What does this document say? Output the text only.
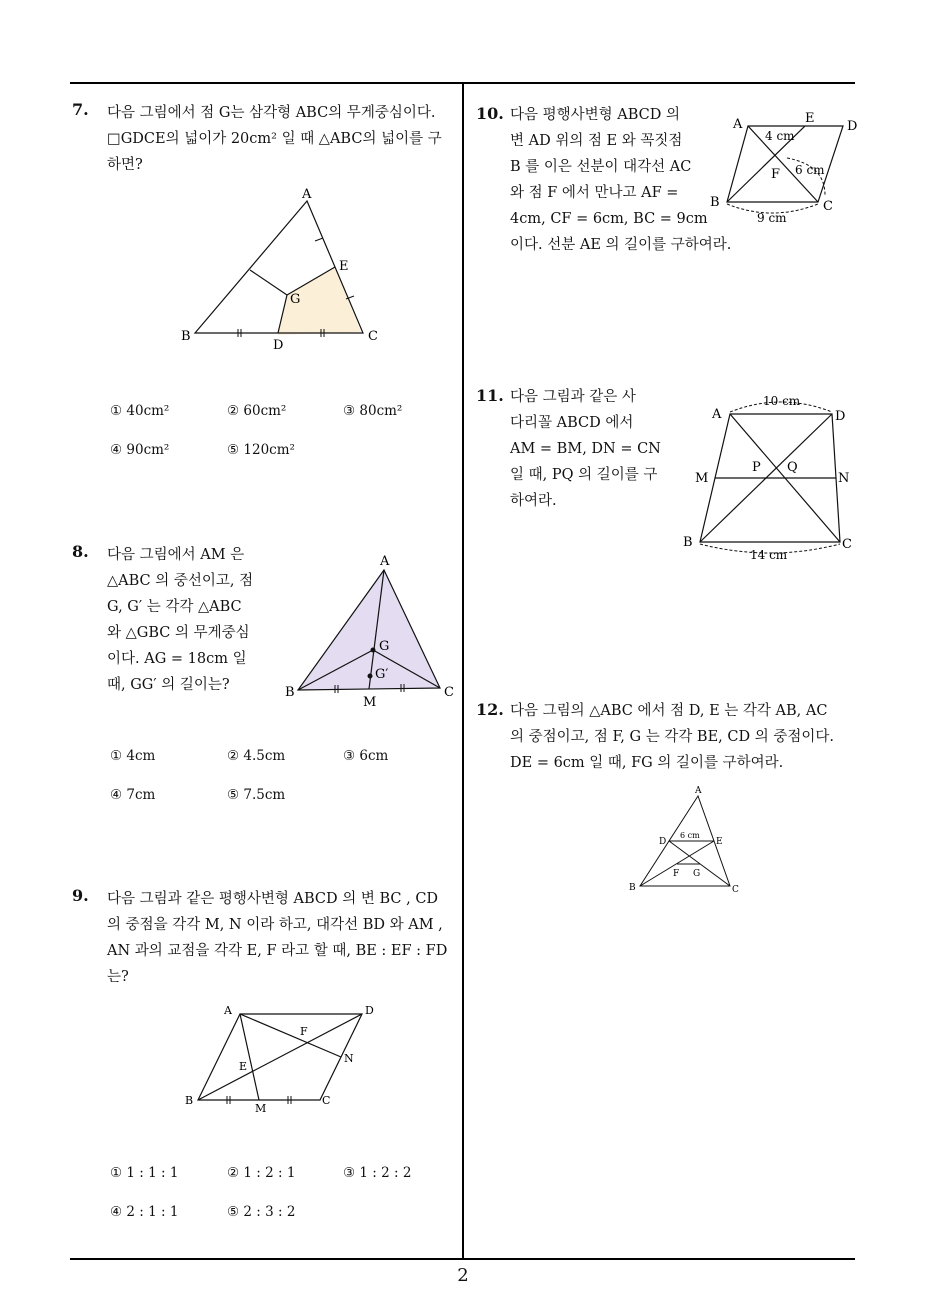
7. 다음 그림에서 점 G는 삼각형 ABC의 무게중심이다.
□GDCE의 넓이가 20cm² 일 때 △ABC의 넓이를 구
하면?
A
B	C
D
E
G
① 40cm²	② 60cm²	③ 80cm²
④ 90cm²	⑤ 120cm²
8. 다음 그림에서 AM 은
△ABC 의 중선이고, 점
G, G′ 는 각각 △ABC
와 △GBC 의 무게중심
이다. AG = 18cm 일
때, GG′ 의 길이는?
A
B	C
M
G
G′
① 4cm	② 4.5cm	③ 6cm
④ 7cm	⑤ 7.5cm
9. 다음 그림과 같은 평행사변형 ABCD 의 변 BC , CD
의 중점을 각각 M, N 이라 하고, 대각선 BD 와 AM ,
AN 과의 교점을 각각 E, F 라고 할 때, BE : EF : FD
는?
A
B	C
D
E
F
M
N
① 1 : 1 : 1	② 1 : 2 : 1	③ 1 : 2 : 2
④ 2 : 1 : 1	⑤ 2 : 3 : 2
10. 다음 평행사변형 ABCD 의
변 AD 위의 점 E 와 꼭짓점
B 를 이은 선분이 대각선 AC
와 점 F 에서 만나고 AF =
4cm, CF = 6cm, BC = 9cm
이다. 선분 AE 의 길이를 구하여라.
A
B	C
D
E
F
4 cm
6 cm
9 cm
11. 다음 그림과 같은 사
다리꼴 ABCD 에서
AM = BM, DN = CN
일 때, PQ 의 길이를 구
하여라.
10 cm
14 cm
A	D
B	C
M	N
P Q
12. 다음 그림의 △ABC 에서 점 D, E 는 각각 AB, AC
의 중점이고, 점 F, G 는 각각 BE, CD 의 중점이다.
DE = 6cm 일 때, FG 의 길이를 구하여라.
A
B	C
D	E
F G
6 cm
2
